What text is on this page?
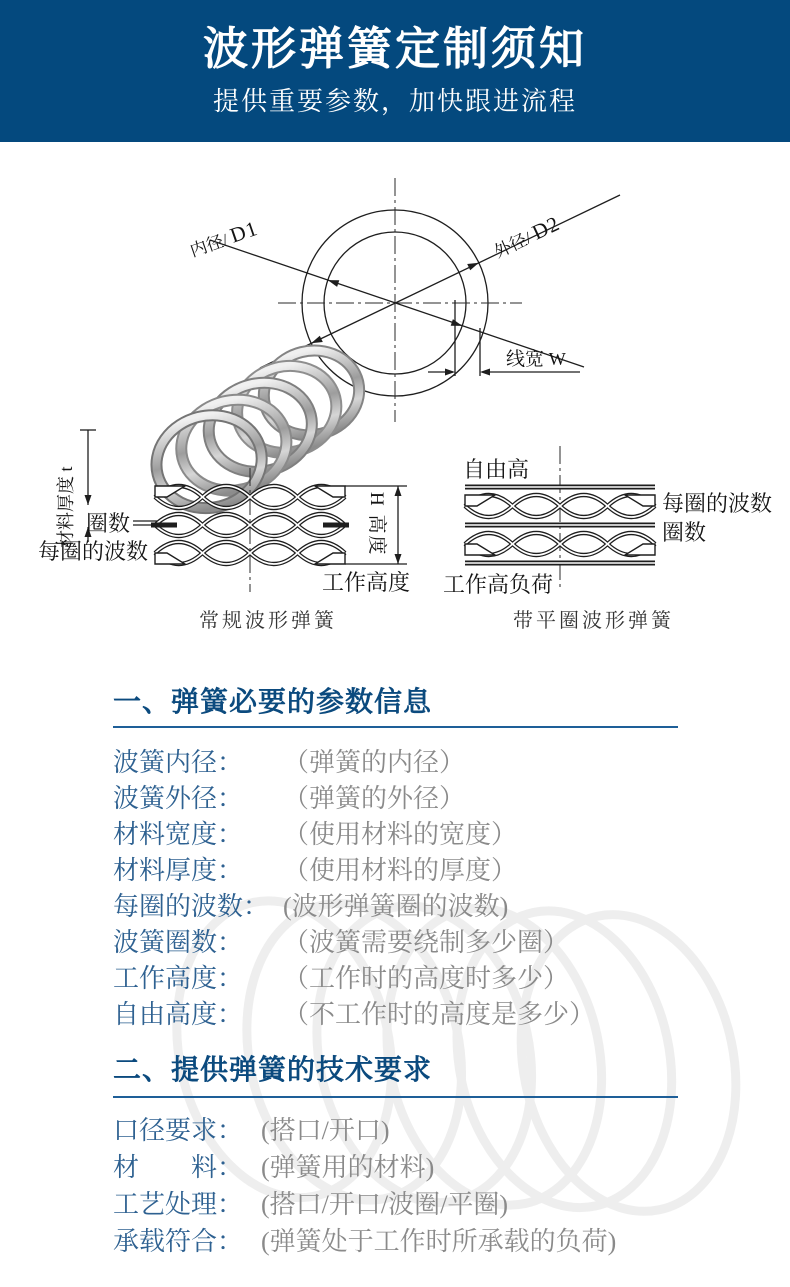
波形弹簧定制须知

提供重要参数，加快跟进流程

内径/ D1	外径/ D2
线宽 W
材料厚度 t
圈数
每圈的波数
H 高度
工作高度
常规波形弹簧
自由高
每圈的波数
圈数
工作高负荷
带平圈波形弹簧
一、弹簧必要的参数信息
波簧内径：	（弹簧的内径）
波簧外径：	（弹簧的外径）
材料宽度：	（使用材料的宽度）
材料厚度：	（使用材料的厚度）
每圈的波数： (波形弹簧圈的波数)
波簧圈数：	（波簧需要绕制多少圈）
工作高度：	（工作时的高度时多少）
自由高度：	（不工作时的高度是多少）
二、提供弹簧的技术要求
口径要求： (搭口/开口)
材　　料： (弹簧用的材料)
工艺处理： (搭口/开口/波圈/平圈)
承载符合： (弹簧处于工作时所承载的负荷)
